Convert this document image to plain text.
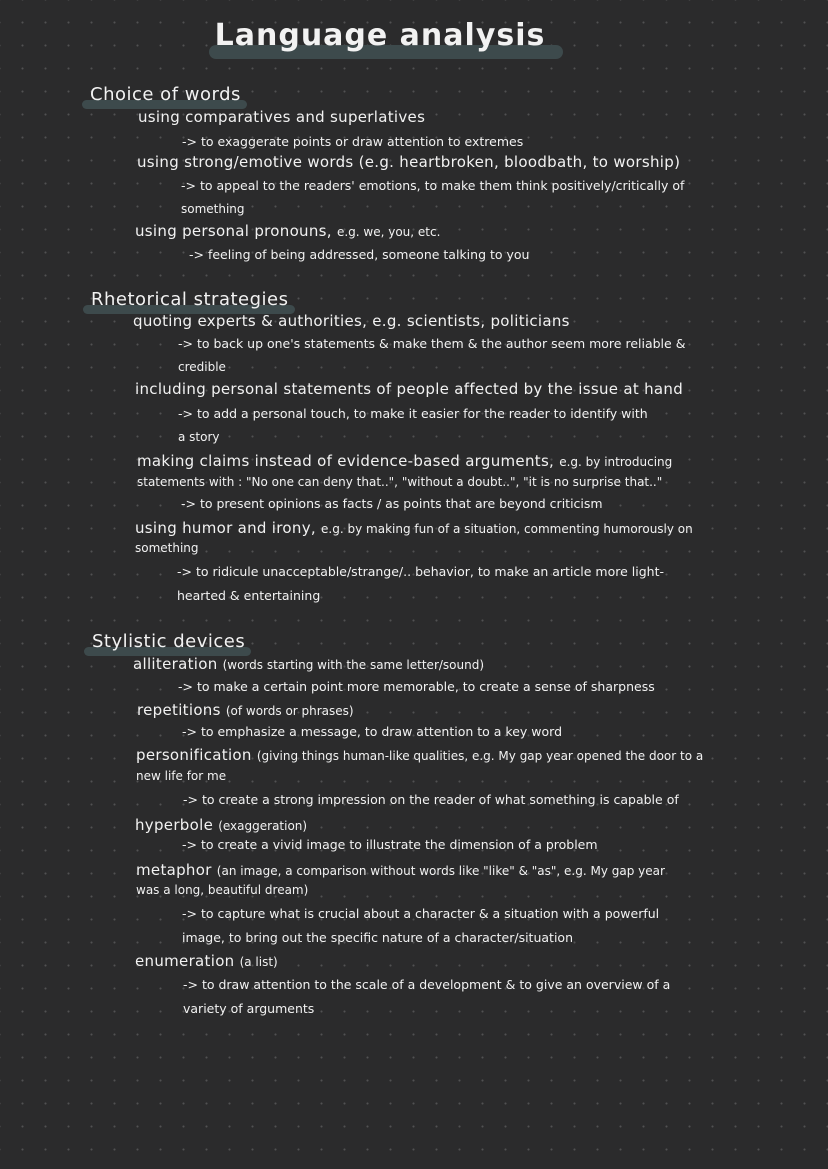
Language analysis
Choice of words
using comparatives and superlatives
-> to exaggerate points or draw attention to extremes
using strong/emotive words (e.g. heartbroken, bloodbath, to worship)
-> to appeal to the readers' emotions, to make them think positively/critically of
something
using personal pronouns, e.g. we, you, etc.
-> feeling of being addressed, someone talking to you
Rhetorical strategies
quoting experts & authorities, e.g. scientists, politicians
-> to back up one's statements & make them & the author seem more reliable &
credible
including personal statements of people affected by the issue at hand
-> to add a personal touch, to make it easier for the reader to identify with
a story
making claims instead of evidence-based arguments, e.g. by introducing
statements with : "No one can deny that..", "without a doubt..", "it is no surprise that.."
-> to present opinions as facts / as points that are beyond criticism
using humor and irony, e.g. by making fun of a situation, commenting humorously on
something
-> to ridicule unacceptable/strange/.. behavior, to make an article more light-
hearted & entertaining
Stylistic devices
alliteration (words starting with the same letter/sound)
-> to make a certain point more memorable, to create a sense of sharpness
repetitions (of words or phrases)
-> to emphasize a message, to draw attention to a key word
personification (giving things human-like qualities, e.g. My gap year opened the door to a
new life for me
-> to create a strong impression on the reader of what something is capable of
hyperbole (exaggeration)
-> to create a vivid image to illustrate the dimension of a problem
metaphor (an image, a comparison without words like "like" & "as", e.g. My gap year
was a long, beautiful dream)
-> to capture what is crucial about a character & a situation with a powerful
image, to bring out the specific nature of a character/situation
enumeration (a list)
-> to draw attention to the scale of a development & to give an overview of a
variety of arguments
